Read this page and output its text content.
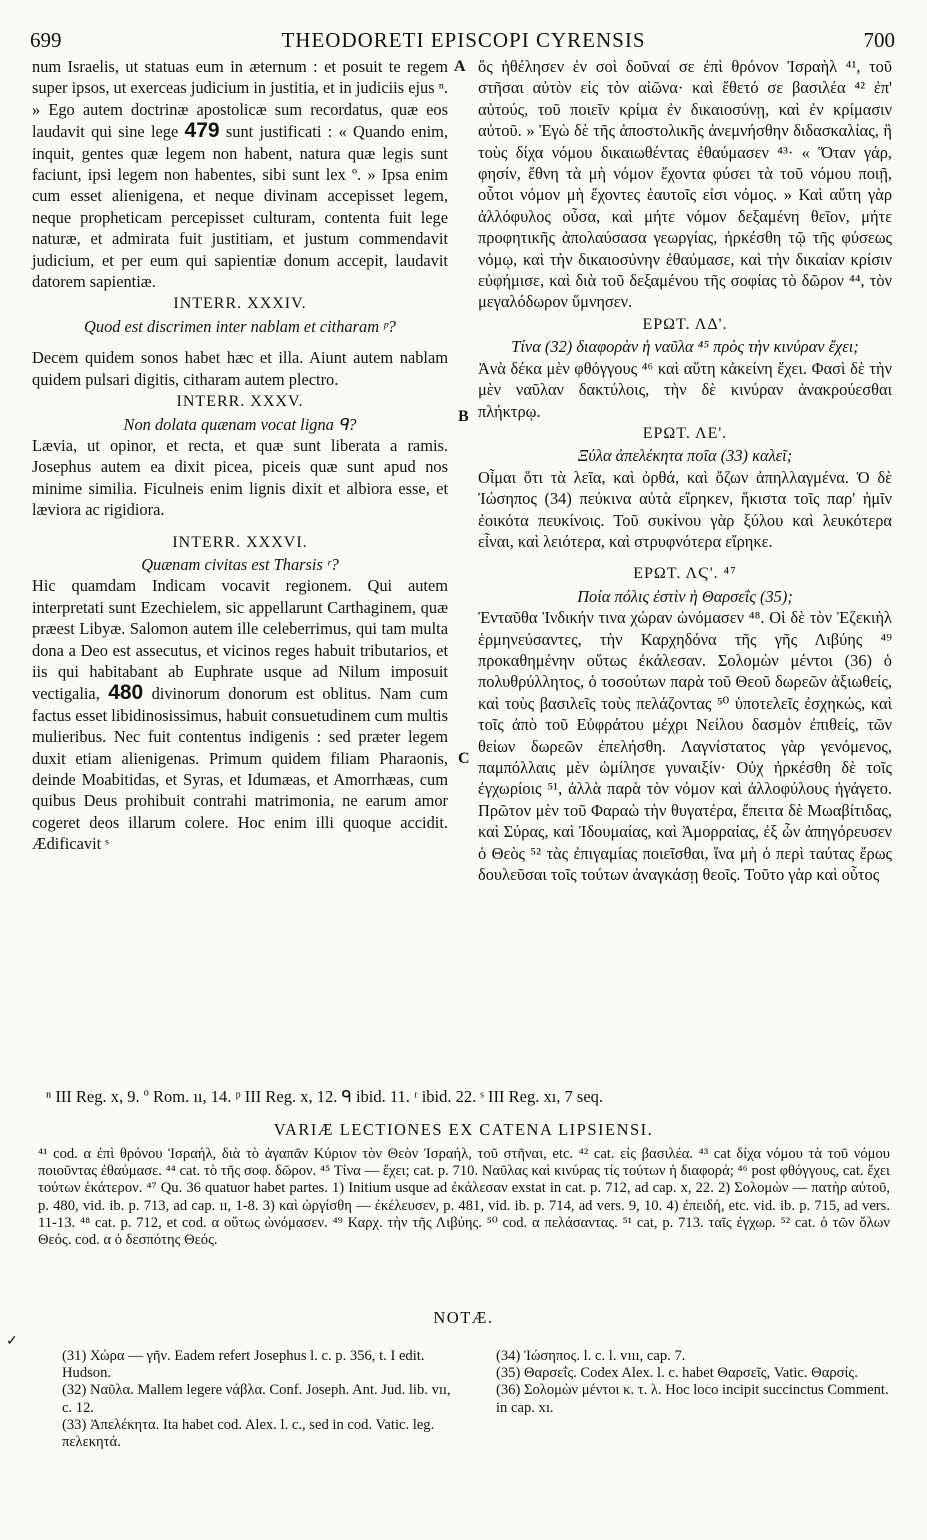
699	THEODORETI EPISCOPI CYRENSIS	700
A
B
C
num Israelis, ut statuas eum in æternum : et posuit te regem super ipsos, ut exerceas judicium in justitia, et in judiciis ejus ⁿ. » Ego autem doctrinæ apostolicæ sum recordatus, quæ eos laudavit qui sine lege 479 sunt justificati : « Quando enim, inquit, gentes quæ legem non habent, natura quæ legis sunt faciunt, ipsi legem non habentes, sibi sunt lex º. » Ipsa enim cum esset alienigena, et neque divinam accepisset legem, neque propheticam percepisset culturam, contenta fuit lege naturæ, et admirata fuit justitiam, et justum commendavit judicium, et per eum qui sapientiæ donum accepit, laudavit datorem sapientiæ.
INTERR. XXXIV.
Quod est discrimen inter nablam et citharam ᵖ?
Decem quidem sonos habet hæc et illa. Aiunt autem nablam quidem pulsari digitis, citharam autem plectro.
INTERR. XXXV.
Non dolata quænam vocat ligna ᑫ?
Lævia, ut opinor, et recta, et quæ sunt liberata a ramis. Josephus autem ea dixit picea, piceis quæ sunt apud nos minime similia. Ficulneis enim lignis dixit et albiora esse, et læviora ac rigidiora.
INTERR. XXXVI.
Quænam civitas est Tharsis ʳ?
Hic quamdam Indicam vocavit regionem. Qui autem interpretati sunt Ezechielem, sic appellarunt Carthaginem, quæ præest Libyæ. Salomon autem ille celeberrimus, qui tam multa dona a Deo est assecutus, et vicinos reges habuit tributarios, et iis qui habitabant ab Euphrate usque ad Nilum imposuit vectigalia, 480 divinorum donorum est oblitus. Nam cum factus esset libidinosissimus, habuit consuetudinem cum multis mulieribus. Nec fuit contentus indigenis : sed præter legem duxit etiam alienigenas. Primum quidem filiam Pharaonis, deinde Moabitidas, et Syras, et Idumæas, et Amorrhæas, cum quibus Deus prohibuit contrahi matrimonia, ne earum amor cogeret deos illarum colere. Hoc enim illi quoque accidit. Ædificavit ˢ
ὅς ἠθέλησεν ἐν σοὶ δοῦναί σε ἐπὶ θρόνον Ἰσραὴλ ⁴¹, τοῦ στῆσαι αὐτὸν εἰς τὸν αἰῶνα· καὶ ἔθετό σε βασιλέα ⁴² ἐπ' αὐτούς, τοῦ ποιεῖν κρίμα ἐν δικαιοσύνῃ, καὶ ἐν κρίμασιν αὐτοῦ. » Ἐγὼ δὲ τῆς ἀποστολικῆς ἀνεμνήσθην διδασκαλίας, ἣ τοὺς δίχα νόμου δικαιωθέντας ἐθαύμασεν ⁴³· « Ὅταν γάρ, φησίν, ἔθνη τὰ μὴ νόμον ἔχοντα φύσει τὰ τοῦ νόμου ποιῇ, οὗτοι νόμον μὴ ἔχοντες ἑαυτοῖς εἰσι νόμος. » Καὶ αὕτη γὰρ ἀλλόφυλος οὖσα, καὶ μήτε νόμον δεξαμένη θεῖον, μήτε προφητικῆς ἀπολαύσασα γεωργίας, ἠρκέσθη τῷ τῆς φύσεως νόμῳ, καὶ τὴν δικαιοσύνην ἐθαύμασε, καὶ τὴν δικαίαν κρίσιν εὐφήμισε, καὶ διὰ τοῦ δεξαμένου τῆς σοφίας τὸ δῶρον ⁴⁴, τὸν μεγαλόδωρον ὕμνησεν.
ΕΡΩΤ. ΛΔ'.
Τίνα (32) διαφορὰν ἡ ναῦλα ⁴⁵ πρὸς τὴν κινύραν ἔχει;
Ἀνὰ δέκα μὲν φθόγγους ⁴⁶ καὶ αὕτη κἀκείνη ἔχει. Φασὶ δὲ τὴν μὲν ναῦλαν δακτύλοις, τὴν δὲ κινύραν ἀνακρούεσθαι πλήκτρῳ.
ΕΡΩΤ. ΛΕ'.
Ξύλα ἀπελέκητα ποῖα (33) καλεῖ;
Οἶμαι ὅτι τὰ λεῖα, καὶ ὀρθά, καὶ ὄζων ἀπηλλαγμένα. Ὁ δὲ Ἰώσηπος (34) πεύκινα αὐτὰ εἴρηκεν, ἥκιστα τοῖς παρ' ἡμῖν ἐοικότα πευκίνοις. Τοῦ συκίνου γὰρ ξύλου καὶ λευκότερα εἶναι, καὶ λειότερα, καὶ στρυφνότερα εἴρηκε.
ΕΡΩΤ. ΛϚ'. ⁴⁷
Ποία πόλις ἐστὶν ἡ Θαρσεΐς (35);
Ἐνταῦθα Ἰνδικήν τινα χώραν ὠνόμασεν ⁴⁸. Οἱ δὲ τὸν Ἐζεκιὴλ ἑρμηνεύσαντες, τὴν Καρχηδόνα τῆς γῆς Λιβύης ⁴⁹ προκαθημένην οὕτως ἐκάλεσαν. Σολομὼν μέντοι (36) ὁ πολυθρύλλητος, ὁ τοσούτων παρὰ τοῦ Θεοῦ δωρεῶν ἀξιωθείς, καὶ τοὺς βασιλεῖς τοὺς πελάζοντας ⁵⁰ ὑποτελεῖς ἐσχηκώς, καὶ τοῖς ἀπὸ τοῦ Εὐφράτου μέχρι Νείλου δασμὸν ἐπιθείς, τῶν θείων δωρεῶν ἐπελήσθη. Λαγνίστατος γὰρ γενόμενος, παμπόλλαις μὲν ὡμίλησε γυναιξίν· Οὐχ ἠρκέσθη δὲ τοῖς ἐγχωρίοις ⁵¹, ἀλλὰ παρὰ τὸν νόμον καὶ ἀλλοφύλους ἠγάγετο. Πρῶτον μὲν τοῦ Φαραὼ τὴν θυγατέρα, ἔπειτα δὲ Μωαβίτιδας, καὶ Σύρας, καὶ Ἰδουμαίας, καὶ Ἀμορραίας, ἐξ ὧν ἀπηγόρευσεν ὁ Θεὸς ⁵² τὰς ἐπιγαμίας ποιεῖσθαι, ἵνα μὴ ὁ περὶ ταύτας ἔρως δουλεῦσαι τοῖς τούτων ἀναγκάσῃ θεοῖς. Τοῦτο γὰρ καὶ οὗτος
ⁿ III Reg. x, 9. º Rom. ıı, 14. ᵖ III Reg. x, 12. ᑫ ibid. 11. ʳ ibid. 22. ˢ III Reg. xı, 7 seq.
VARIÆ LECTIONES EX CATENA LIPSIENSI.
⁴¹ cod. α ἐπὶ θρόνου Ἰσραήλ, διὰ τὸ ἀγαπᾶν Κύριον τὸν Θεὸν Ἰσραήλ, τοῦ στῆναι, etc. ⁴² cat. εἰς βασιλέα. ⁴³ cat δίχα νόμου τὰ τοῦ νόμου ποιοῦντας ἐθαύμασε. ⁴⁴ cat. τὸ τῆς σοφ. δῶρον. ⁴⁵ Τίνα — ἔχει; cat. p. 710. Ναῦλας καὶ κινύρας τίς τούτων ἡ διαφορά; ⁴⁶ post φθόγγους, cat. ἔχει τούτων ἑκάτερον. ⁴⁷ Qu. 36 quatuor habet partes. 1) Initium usque ad ἐκάλεσαν exstat in cat. p. 712, ad cap. x, 22. 2) Σολομὼν — πατὴρ αὐτοῦ, p. 480, vid. ib. p. 713, ad cap. ıı, 1-8. 3) καὶ ὠργίσθη — ἐκέλευσεν, p. 481, vid. ib. p. 714, ad vers. 9, 10. 4) ἐπειδή, etc. vid. ib. p. 715, ad vers. 11-13. ⁴⁸ cat. p. 712, et cod. α οὕτως ὠνόμασεν. ⁴⁹ Καρχ. τὴν τῆς Λιβύης. ⁵⁰ cod. α πελάσαντας. ⁵¹ cat, p. 713. ταῖς ἐγχωρ. ⁵² cat. ὁ τῶν ὅλων Θεός. cod. α ὁ δεσπότης Θεός.
✓
NOTÆ.
(31) Χώρα — γῆν. Eadem refert Josephus l. c. p. 356, t. I edit. Hudson.
(32) Ναῦλα. Mallem legere νάβλα. Conf. Joseph. Ant. Jud. lib. vıı, c. 12.
(33) Ἀπελέκητα. Ita habet cod. Alex. l. c., sed in cod. Vatic. leg. πελεκητά.
(34) Ἰώσηπος. l. c. l. vııı, cap. 7.
(35) Θαρσεΐς. Codex Alex. l. c. habet Θαρσεῖς, Vatic. Θαρσίς.
(36) Σολομὼν μέντοι κ. τ. λ. Hoc loco incipit succinctus Comment. in cap. xı.
